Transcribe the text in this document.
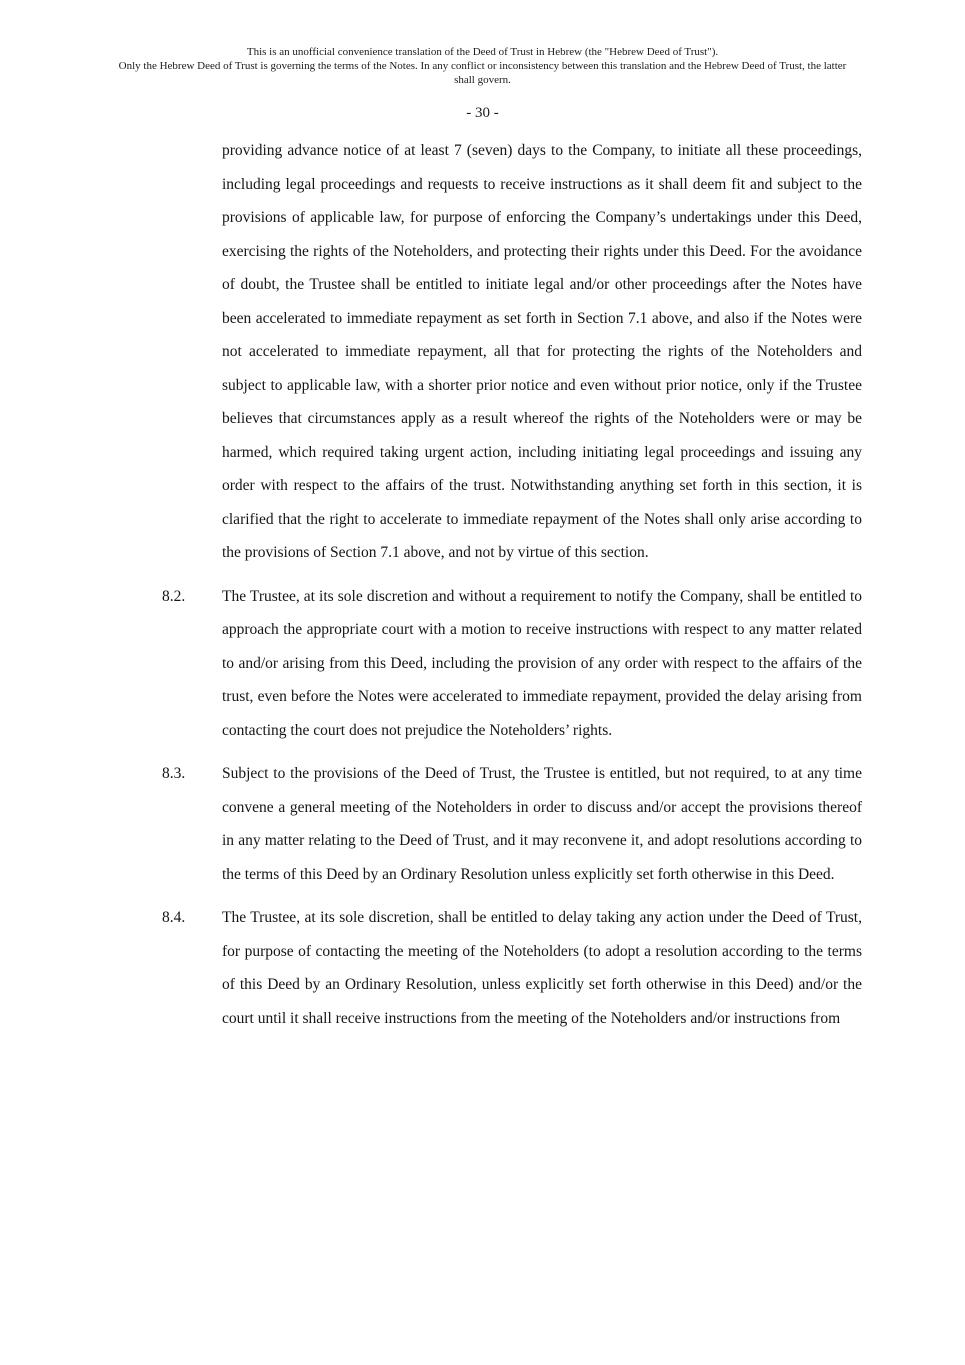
This is an unofficial convenience translation of the Deed of Trust in Hebrew (the "Hebrew Deed of Trust").
Only the Hebrew Deed of Trust is governing the terms of the Notes. In any conflict or inconsistency between this translation and the Hebrew Deed of Trust, the latter shall govern.
- 30 -
providing advance notice of at least 7 (seven) days to the Company, to initiate all these proceedings, including legal proceedings and requests to receive instructions as it shall deem fit and subject to the provisions of applicable law, for purpose of enforcing the Company’s undertakings under this Deed, exercising the rights of the Noteholders, and protecting their rights under this Deed. For the avoidance of doubt, the Trustee shall be entitled to initiate legal and/or other proceedings after the Notes have been accelerated to immediate repayment as set forth in Section 7.1 above, and also if the Notes were not accelerated to immediate repayment, all that for protecting the rights of the Noteholders and subject to applicable law, with a shorter prior notice and even without prior notice, only if the Trustee believes that circumstances apply as a result whereof the rights of the Noteholders were or may be harmed, which required taking urgent action, including initiating legal proceedings and issuing any order with respect to the affairs of the trust. Notwithstanding anything set forth in this section, it is clarified that the right to accelerate to immediate repayment of the Notes shall only arise according to the provisions of Section 7.1 above, and not by virtue of this section.
8.2.	The Trustee, at its sole discretion and without a requirement to notify the Company, shall be entitled to approach the appropriate court with a motion to receive instructions with respect to any matter related to and/or arising from this Deed, including the provision of any order with respect to the affairs of the trust, even before the Notes were accelerated to immediate repayment, provided the delay arising from contacting the court does not prejudice the Noteholders’ rights.
8.3.	Subject to the provisions of the Deed of Trust, the Trustee is entitled, but not required, to at any time convene a general meeting of the Noteholders in order to discuss and/or accept the provisions thereof in any matter relating to the Deed of Trust, and it may reconvene it, and adopt resolutions according to the terms of this Deed by an Ordinary Resolution unless explicitly set forth otherwise in this Deed.
8.4.	The Trustee, at its sole discretion, shall be entitled to delay taking any action under the Deed of Trust, for purpose of contacting the meeting of the Noteholders (to adopt a resolution according to the terms of this Deed by an Ordinary Resolution, unless explicitly set forth otherwise in this Deed) and/or the court until it shall receive instructions from the meeting of the Noteholders and/or instructions from
